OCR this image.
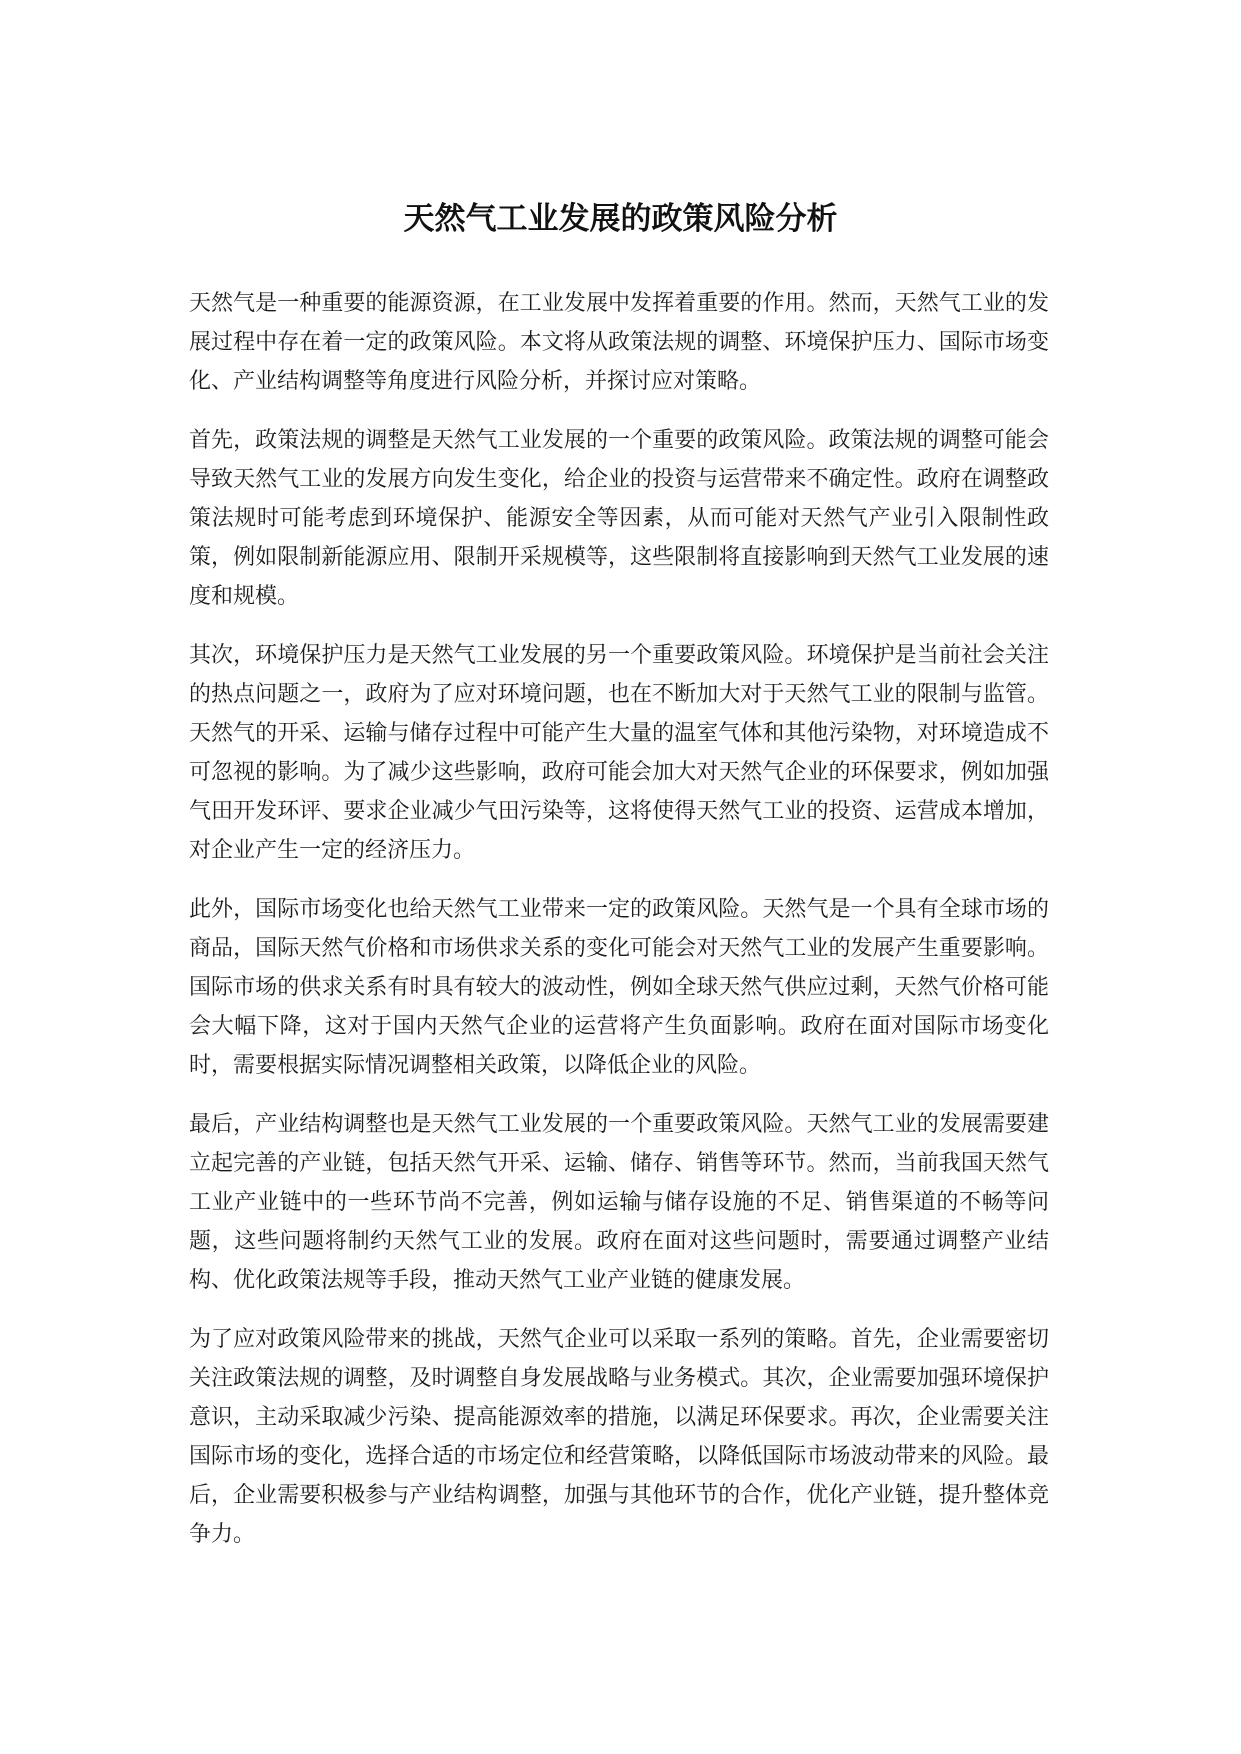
天然气工业发展的政策风险分析

天然气是一种重要的能源资源，在工业发展中发挥着重要的作用。然而，天然气工业的发展过程中存在着一定的政策风险。本文将从政策法规的调整、环境保护压力、国际市场变化、产业结构调整等角度进行风险分析，并探讨应对策略。

首先，政策法规的调整是天然气工业发展的一个重要的政策风险。政策法规的调整可能会导致天然气工业的发展方向发生变化，给企业的投资与运营带来不确定性。政府在调整政策法规时可能考虑到环境保护、能源安全等因素，从而可能对天然气产业引入限制性政策，例如限制新能源应用、限制开采规模等，这些限制将直接影响到天然气工业发展的速度和规模。

其次，环境保护压力是天然气工业发展的另一个重要政策风险。环境保护是当前社会关注的热点问题之一，政府为了应对环境问题，也在不断加大对于天然气工业的限制与监管。天然气的开采、运输与储存过程中可能产生大量的温室气体和其他污染物，对环境造成不可忽视的影响。为了减少这些影响，政府可能会加大对天然气企业的环保要求，例如加强气田开发环评、要求企业减少气田污染等，这将使得天然气工业的投资、运营成本增加，对企业产生一定的经济压力。

此外，国际市场变化也给天然气工业带来一定的政策风险。天然气是一个具有全球市场的商品，国际天然气价格和市场供求关系的变化可能会对天然气工业的发展产生重要影响。国际市场的供求关系有时具有较大的波动性，例如全球天然气供应过剩，天然气价格可能会大幅下降，这对于国内天然气企业的运营将产生负面影响。政府在面对国际市场变化时，需要根据实际情况调整相关政策，以降低企业的风险。

最后，产业结构调整也是天然气工业发展的一个重要政策风险。天然气工业的发展需要建立起完善的产业链，包括天然气开采、运输、储存、销售等环节。然而，当前我国天然气工业产业链中的一些环节尚不完善，例如运输与储存设施的不足、销售渠道的不畅等问题，这些问题将制约天然气工业的发展。政府在面对这些问题时，需要通过调整产业结构、优化政策法规等手段，推动天然气工业产业链的健康发展。

为了应对政策风险带来的挑战，天然气企业可以采取一系列的策略。首先，企业需要密切关注政策法规的调整，及时调整自身发展战略与业务模式。其次，企业需要加强环境保护意识，主动采取减少污染、提高能源效率的措施，以满足环保要求。再次，企业需要关注国际市场的变化，选择合适的市场定位和经营策略，以降低国际市场波动带来的风险。最后，企业需要积极参与产业结构调整，加强与其他环节的合作，优化产业链，提升整体竞争力。
